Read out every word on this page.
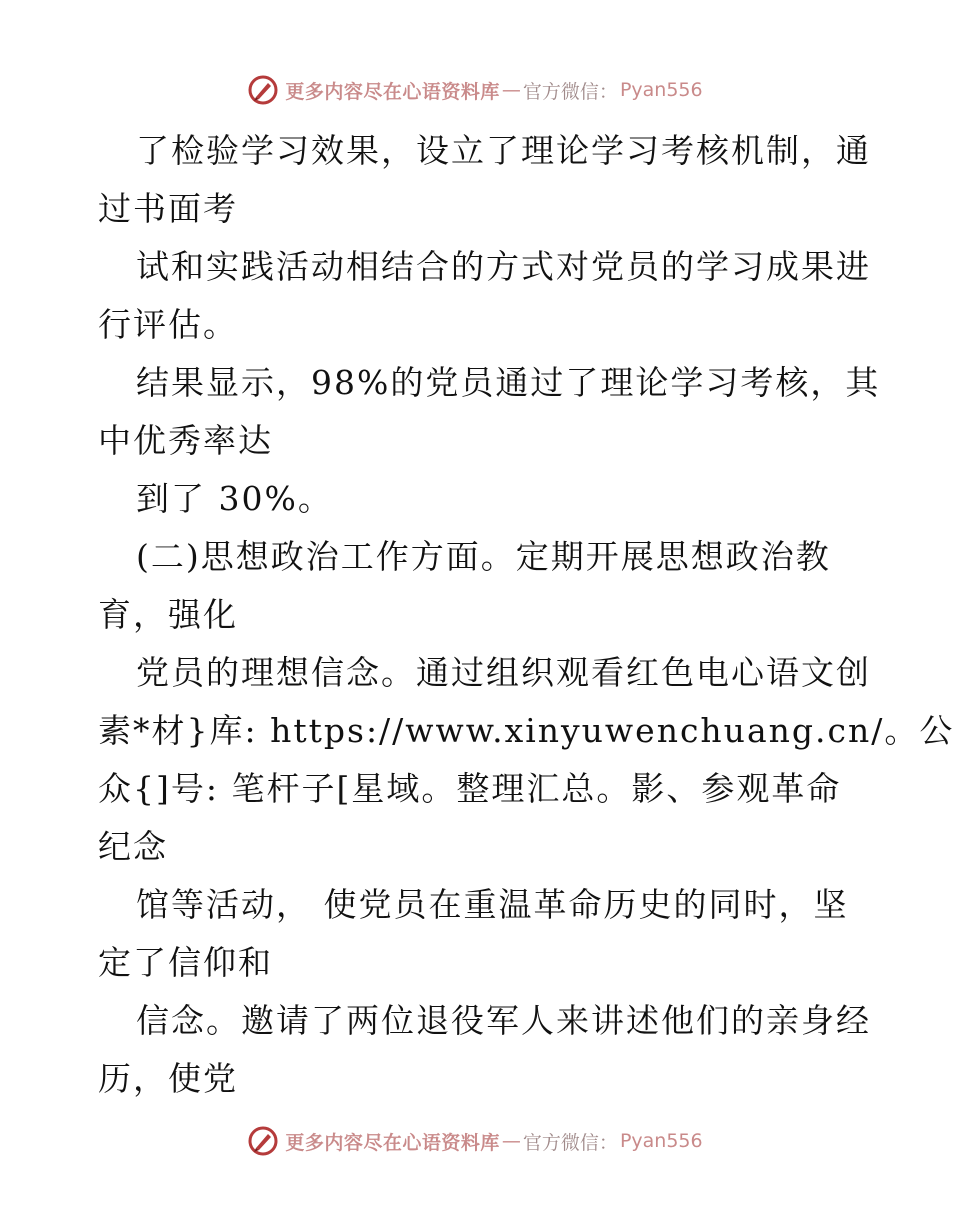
更多内容尽在心语资料库 — 官方微信： Pyan556
了检验学习效果，设立了理论学习考核机制，通
过书面考
试和实践活动相结合的方式对党员的学习成果进
行评估。
结果显示，98%的党员通过了理论学习考核，其
中优秀率达
到了 30%。
(二)思想政治工作方面。定期开展思想政治教
育，强化
党员的理想信念。通过组织观看红色电心语文创
素*材}库: https://www.xinyuwenchuang.cn/。公
众{]号: 笔杆子[星域。整理汇总。影、参观革命
纪念
馆等活动， 使党员在重温革命历史的同时，坚
定了信仰和
信念。邀请了两位退役军人来讲述他们的亲身经
历，使党
更多内容尽在心语资料库 — 官方微信： Pyan556
